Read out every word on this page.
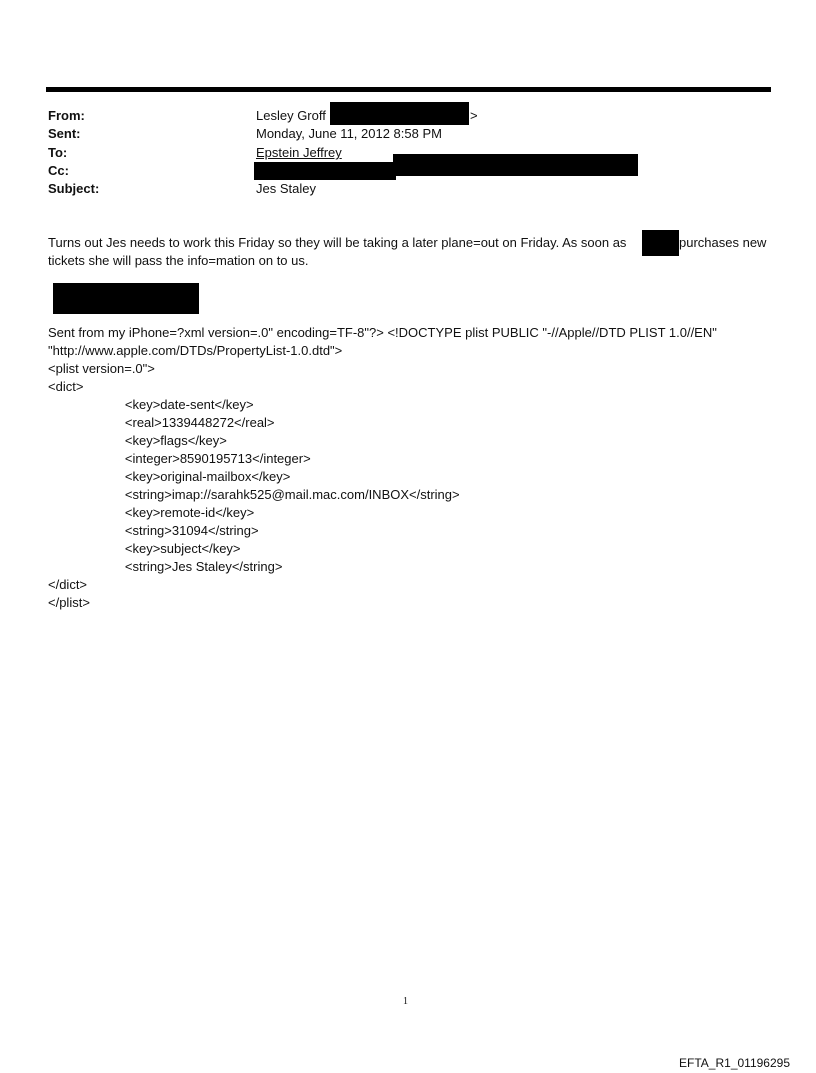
From:
Sent:
To:
Cc:
Subject:
Lesley Groff	>
Monday, June 11, 2012 8:58 PM
Epstein Jeffrey
Jes Staley
Turns out Jes needs to work this Friday so they will be taking a later plane=out on Friday. As soon as	purchases new
tickets she will pass the info=mation on to us.
Sent from my iPhone=?xml version=.0" encoding=TF-8"?> <!DOCTYPE plist PUBLIC "-//Apple//DTD PLIST 1.0//EN"
"http://www.apple.com/DTDs/PropertyList-1.0.dtd">
<plist version=.0">
<dict>
<key>date-sent</key>
<real>1339448272</real>
<key>flags</key>
<integer>8590195713</integer>
<key>original-mailbox</key>
<string>imap://sarahk525@mail.mac.com/INBOX</string>
<key>remote-id</key>
<string>31094</string>
<key>subject</key>
<string>Jes Staley</string>
</dict>
</plist>
1
EFTA_R1_01196295
